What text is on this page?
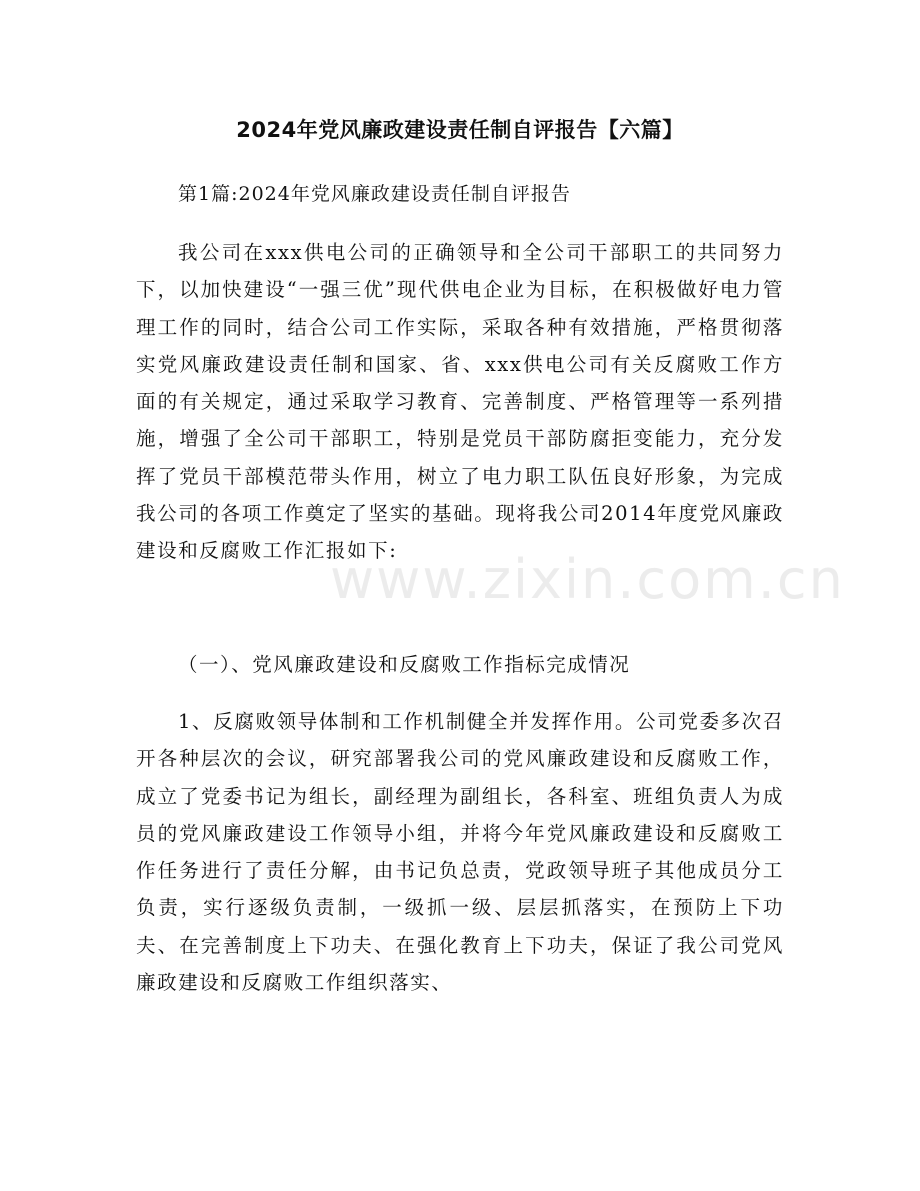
2024年党风廉政建设责任制自评报告【六篇】
第1篇:2024年党风廉政建设责任制自评报告

我公司在xxx供电公司的正确领导和全公司干部职工的共同努力下，以加快建设“一强三优”现代供电企业为目标，在积极做好电力管理工作的同时，结合公司工作实际，采取各种有效措施，严格贯彻落实党风廉政建设责任制和国家、省、xxx供电公司有关反腐败工作方面的有关规定，通过采取学习教育、完善制度、严格管理等一系列措施，增强了全公司干部职工，特别是党员干部防腐拒变能力，充分发挥了党员干部模范带头作用，树立了电力职工队伍良好形象，为完成我公司的各项工作奠定了坚实的基础。现将我公司2014年度党风廉政建设和反腐败工作汇报如下:

（一）、党风廉政建设和反腐败工作指标完成情况

1、反腐败领导体制和工作机制健全并发挥作用。公司党委多次召开各种层次的会议，研究部署我公司的党风廉政建设和反腐败工作，成立了党委书记为组长，副经理为副组长，各科室、班组负责人为成员的党风廉政建设工作领导小组，并将今年党风廉政建设和反腐败工作任务进行了责任分解，由书记负总责，党政领导班子其他成员分工负责，实行逐级负责制，一级抓一级、层层抓落实，在预防上下功夫、在完善制度上下功夫、在强化教育上下功夫，保证了我公司党风廉政建设和反腐败工作组织落实、

www.zixin.com.cn
